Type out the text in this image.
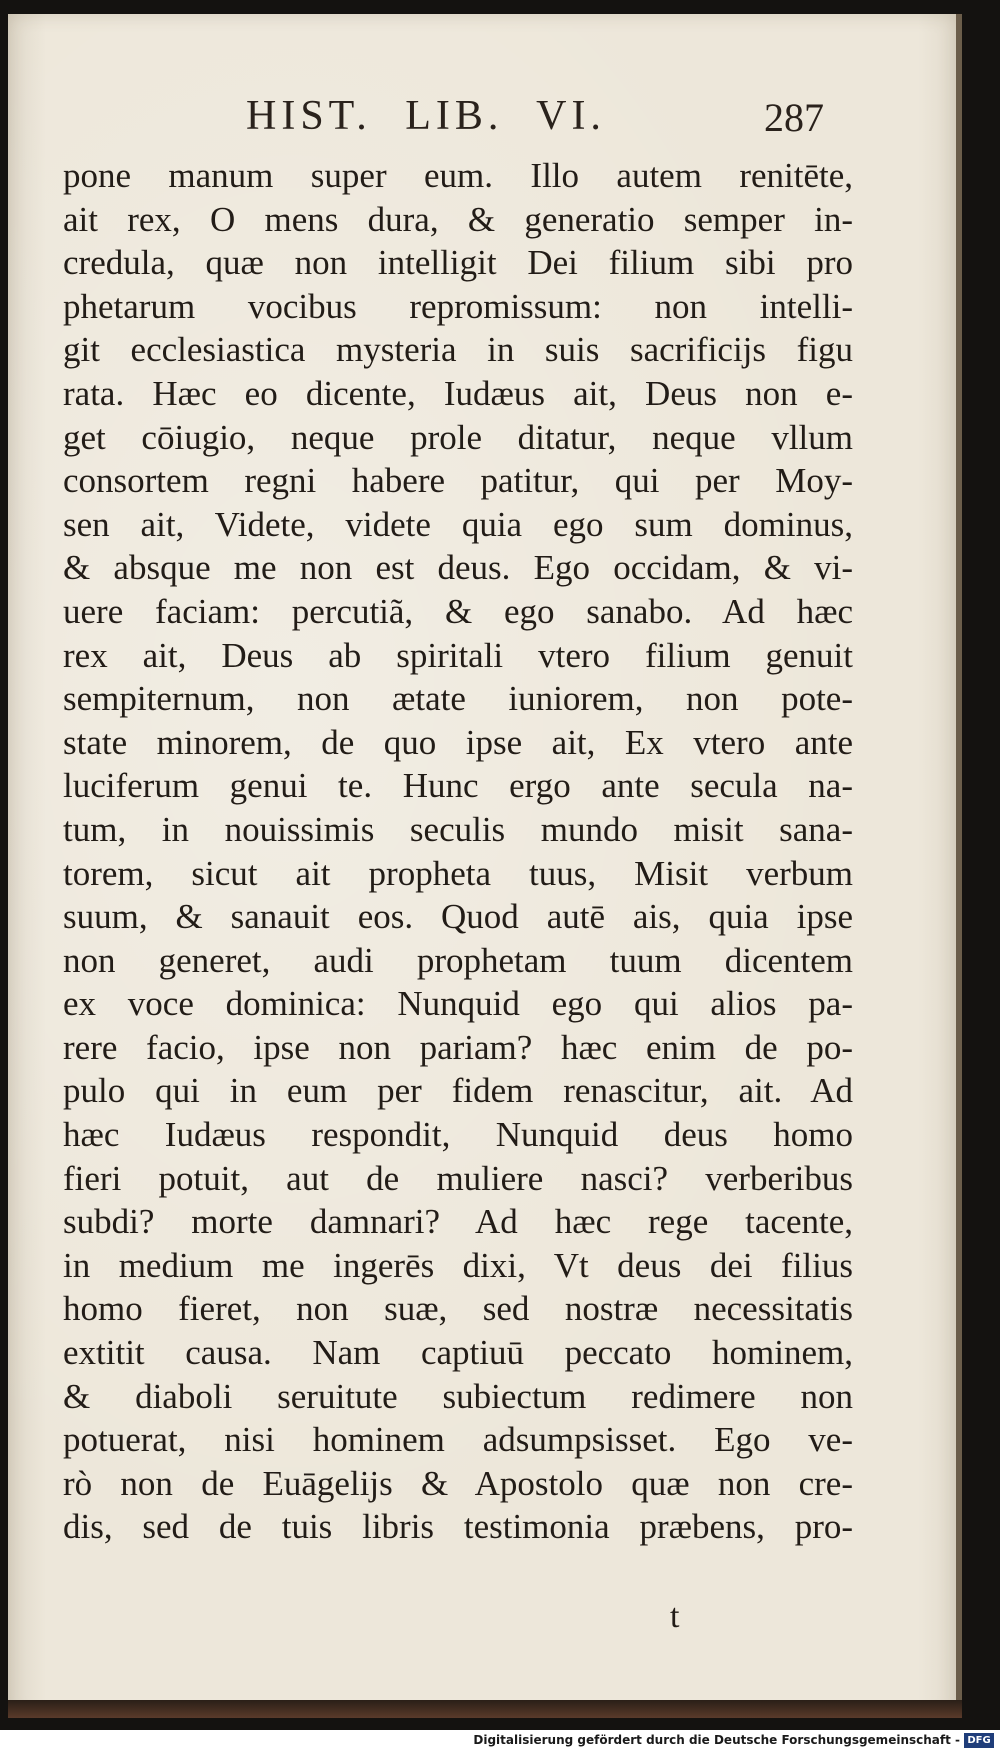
HIST. LIB. VI.	287
pone manum super eum. Illo autem renitēte,
ait rex, O mens dura, & generatio semper in-
credula, quæ non intelligit Dei filium sibi pro
phetarum vocibus repromissum: non intelli-
git ecclesiastica mysteria in suis sacrificijs figu
rata. Hæc eo dicente, Iudæus ait, Deus non e-
get cōiugio, neque prole ditatur, neque vllum
consortem regni habere patitur, qui per Moy-
sen ait, Videte, videte quia ego sum dominus,
& absque me non est deus. Ego occidam, & vi-
uere faciam: percutiã, & ego sanabo. Ad hæc
rex ait, Deus ab spiritali vtero filium genuit
sempiternum, non ætate iuniorem, non pote-
state minorem, de quo ipse ait, Ex vtero ante
luciferum genui te. Hunc ergo ante secula na-
tum, in nouissimis seculis mundo misit sana-
torem, sicut ait propheta tuus, Misit verbum
suum, & sanauit eos. Quod autē ais, quia ipse
non generet, audi prophetam tuum dicentem
ex voce dominica: Nunquid ego qui alios pa-
rere facio, ipse non pariam? hæc enim de po-
pulo qui in eum per fidem renascitur, ait. Ad
hæc Iudæus respondit, Nunquid deus homo
fieri potuit, aut de muliere nasci? verberibus
subdi? morte damnari? Ad hæc rege tacente,
in medium me ingerēs dixi, Vt deus dei filius
homo fieret, non suæ, sed nostræ necessitatis
extitit causa. Nam captiuū peccato hominem,
& diaboli seruitute subiectum redimere non
potuerat, nisi hominem adsumpsisset. Ego ve-
rò non de Euāgelijs & Apostolo quæ non cre-
dis, sed de tuis libris testimonia præbens, pro-
t
Digitalisierung gefördert durch die Deutsche Forschungsgemeinschaft - DFG
